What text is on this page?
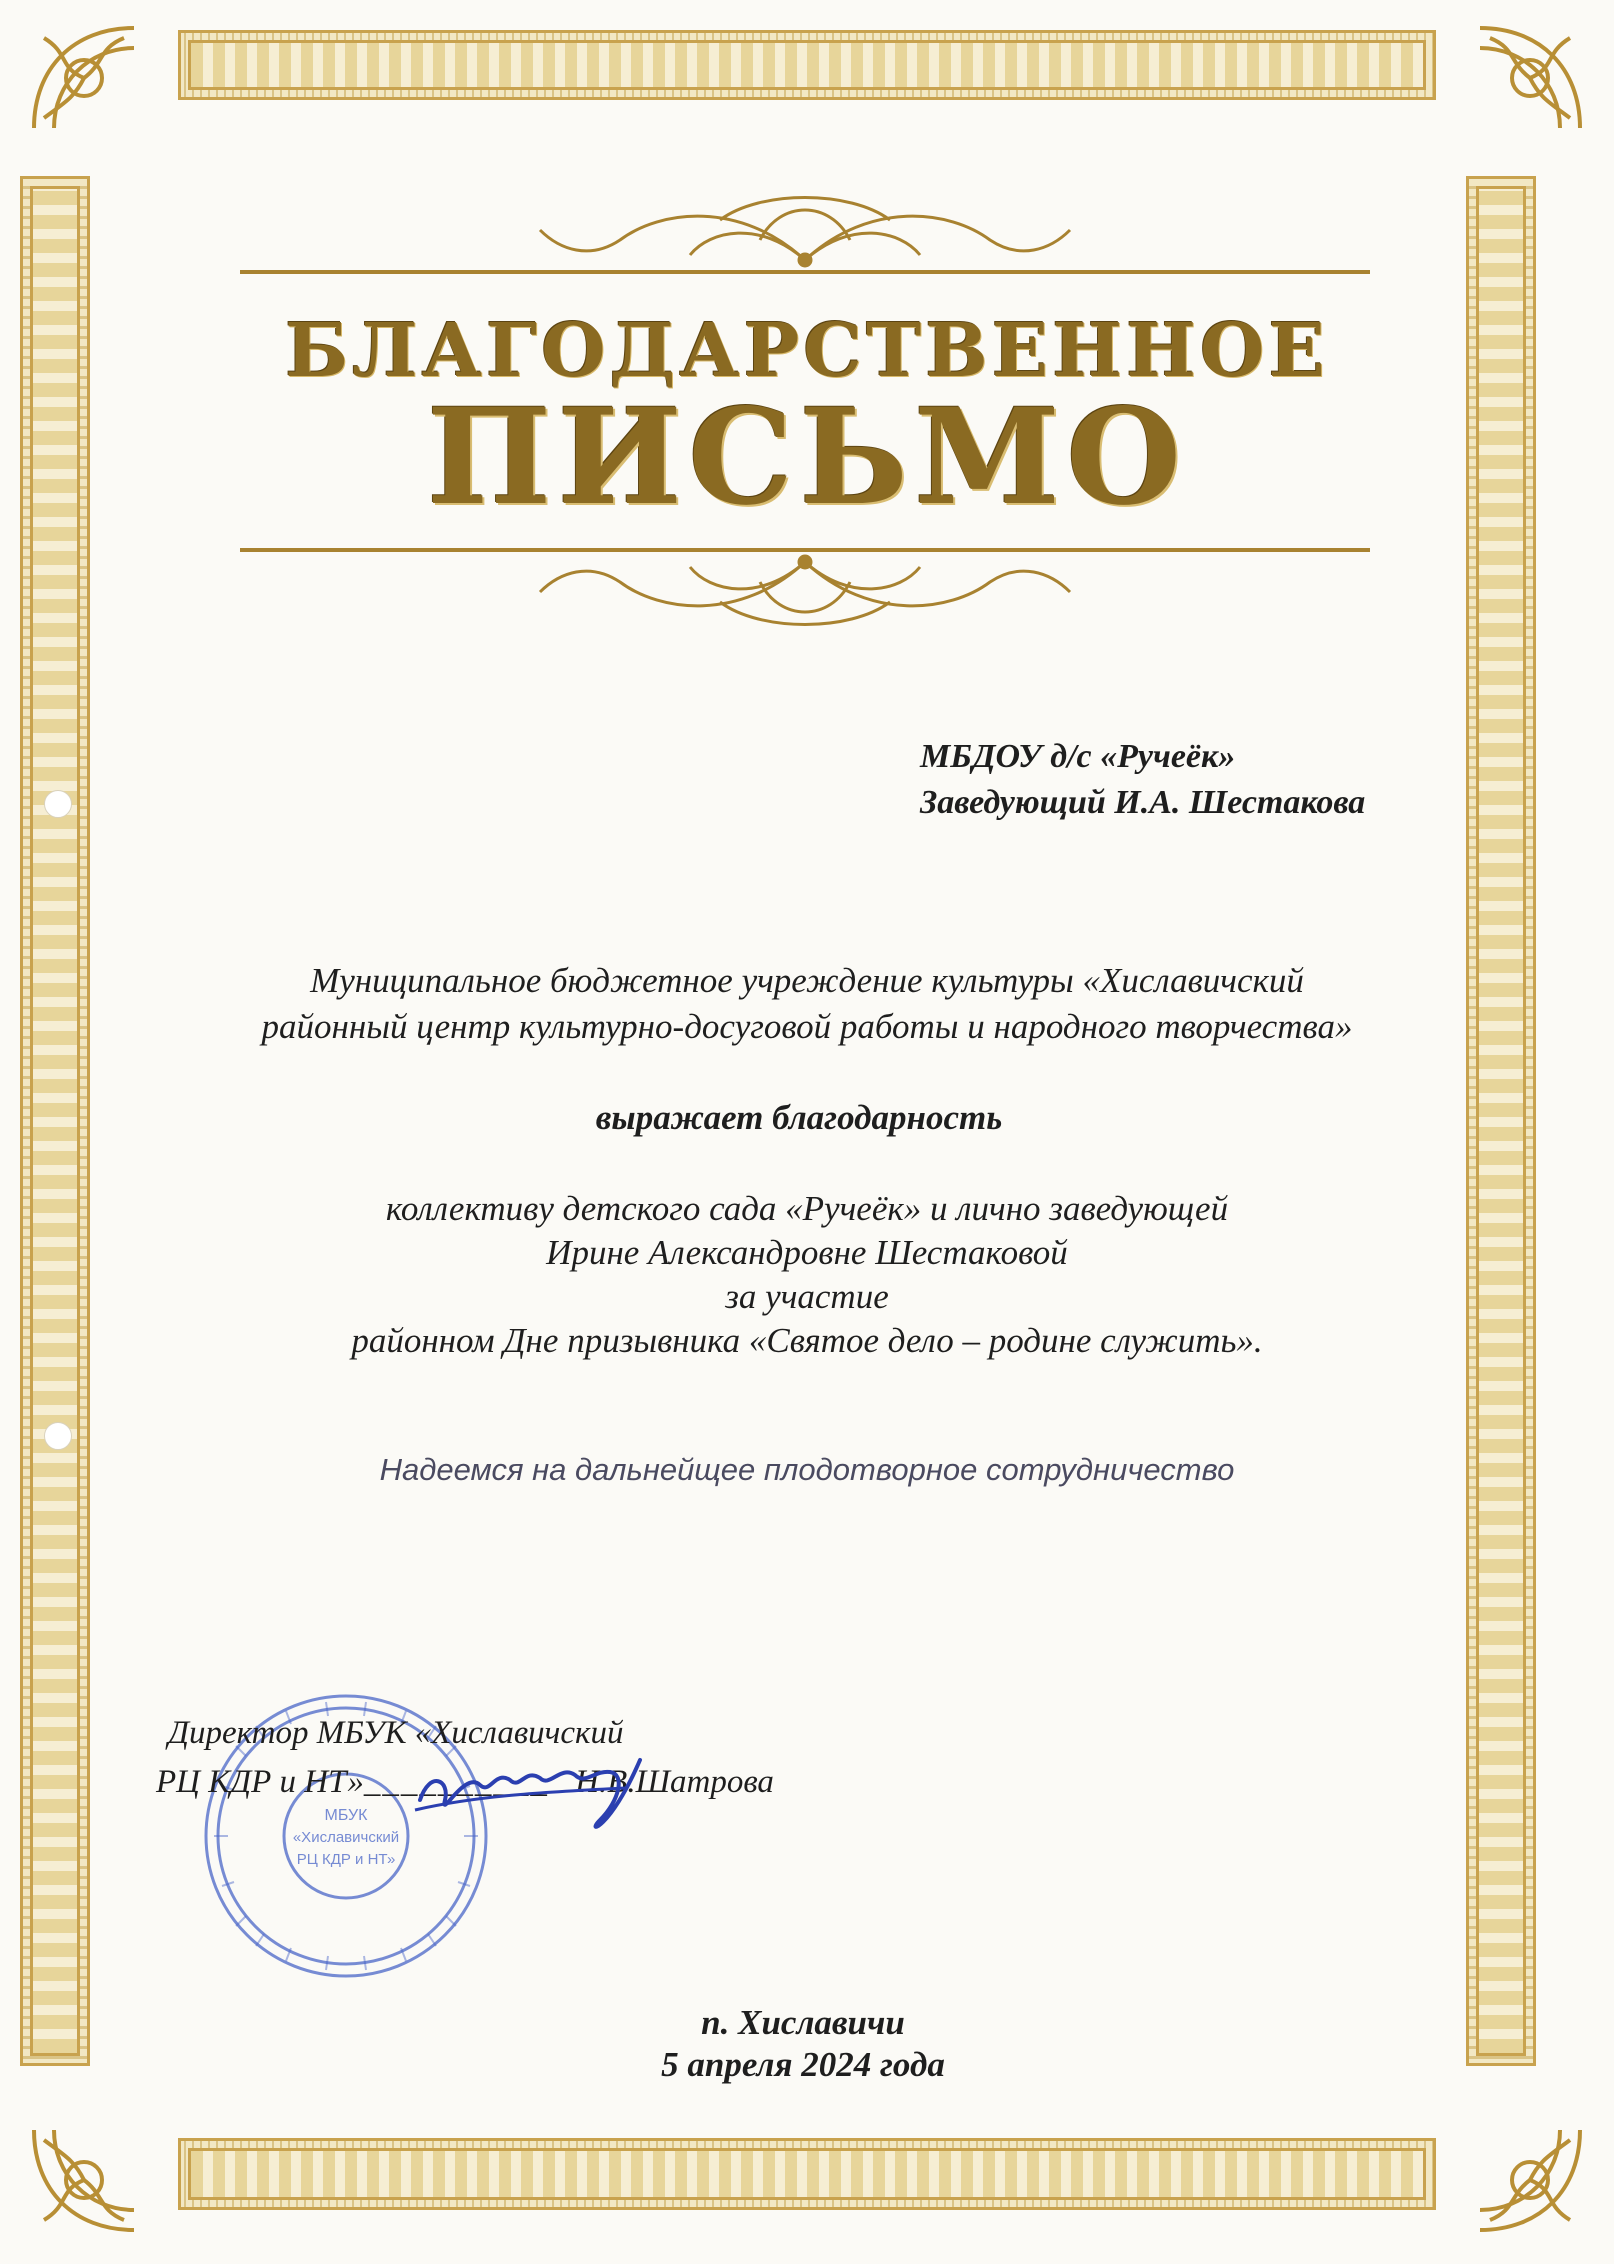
БЛАГОДАРСТВЕННОЕ
ПИСЬМО
МБДОУ д/с «Ручеёк»
Заведующий И.А. Шестакова
Муниципальное бюджетное учреждение культуры «Хиславичский
районный центр культурно-досуговой работы и народного творчества»
выражает благодарность
коллективу детского сада «Ручеёк» и лично заведующей
Ирине Александровне Шестаковой
за участие
районном Дне призывника «Святое дело – родине служить».
Надеемся на дальнейщее плодотворное сотрудничество
МБУК
«Хиславичский
РЦ КДР и НТ»
Директор МБУК «Хиславичский
РЦ КДР и НТ»__________ Н.В.Шатрова
п. Хиславичи
5 апреля 2024 года
